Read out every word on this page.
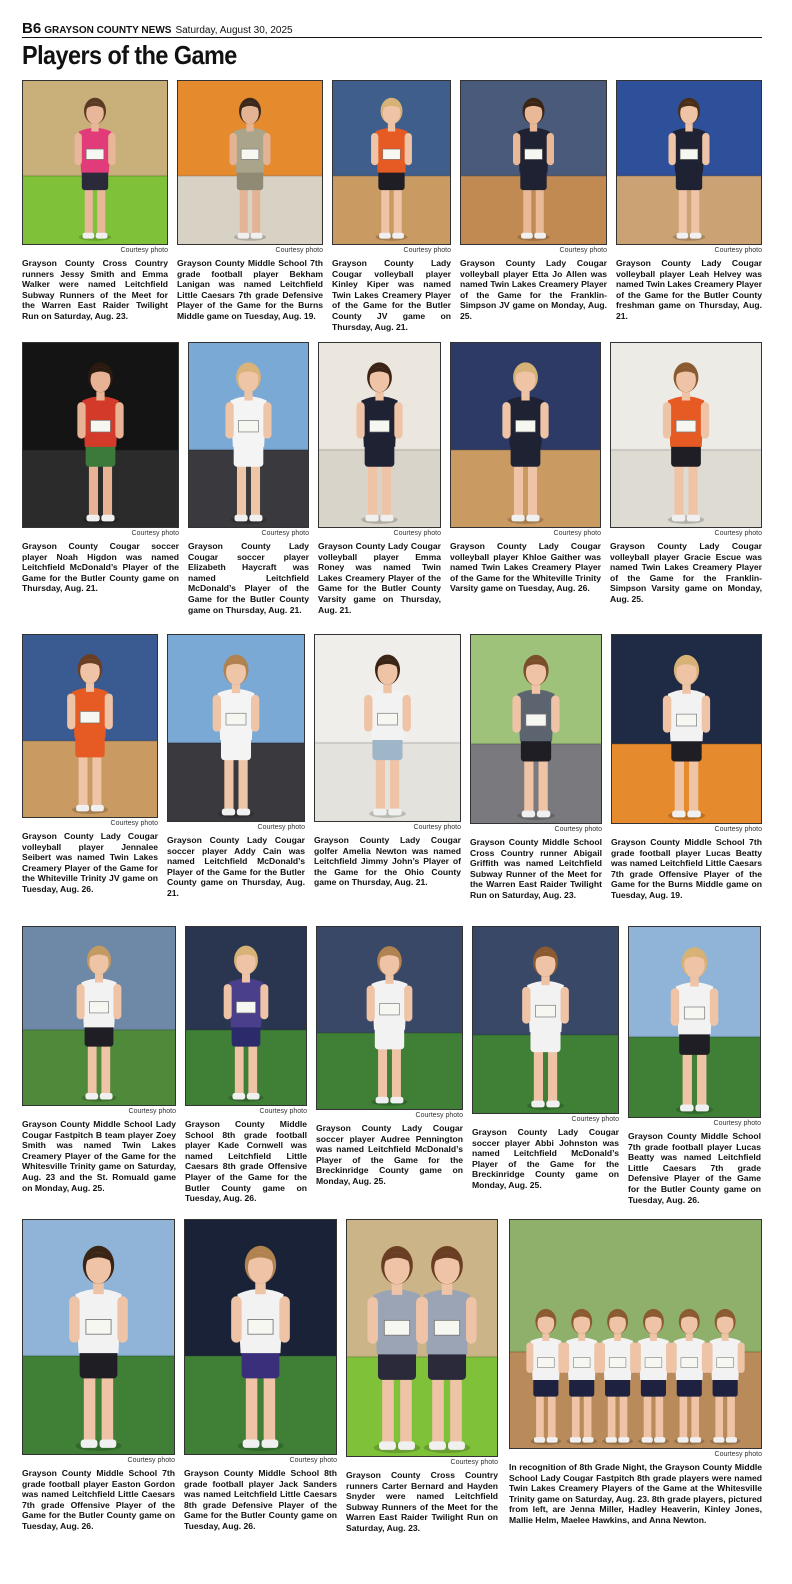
B6 GRAYSON COUNTY NEWS Saturday, August 30, 2025
Players of the Game
Courtesy photo
Grayson County Cross Country runners Jessy Smith and Emma Walker were named Leitchfield Subway Runners of the Meet for the Warren East Raider Twilight Run on Saturday, Aug. 23.
Courtesy photo
Grayson County Middle School 7th grade football player Bekham Lanigan was named Leitchfield Little Caesars 7th grade Defensive Player of the Game for the Burns Middle game on Tuesday, Aug. 19.
Courtesy photo
Grayson County Lady Cougar volleyball player Kinley Kiper was named Twin Lakes Creamery Player of the Game for the Butler County JV game on Thursday, Aug. 21.
Courtesy photo
Grayson County Lady Cougar volleyball player Etta Jo Allen was named Twin Lakes Creamery Player of the Game for the Franklin-Simpson JV game on Monday, Aug. 25.
Courtesy photo
Grayson County Lady Cougar volleyball player Leah Helvey was named Twin Lakes Creamery Player of the Game for the Butler County freshman game on Thursday, Aug. 21.
Courtesy photo
Grayson County Cougar soccer player Noah Higdon was named Leitchfield McDonald’s Player of the Game for the Butler County game on Thursday, Aug. 21.
Courtesy photo
Grayson County Lady Cougar soccer player Elizabeth Haycraft was named Leitchfield McDonald’s Player of the Game for the Butler County game on Thursday, Aug. 21.
Courtesy photo
Grayson County Lady Cougar volleyball player Emma Roney was named Twin Lakes Creamery Player of the Game for the Butler County Varsity game on Thursday, Aug. 21.
Courtesy photo
Grayson County Lady Cougar volleyball player Khloe Gaither was named Twin Lakes Creamery Player of the Game for the Whiteville Trinity Varsity game on Tuesday, Aug. 26.
Courtesy photo
Grayson County Lady Cougar volleyball player Gracie Escue was named Twin Lakes Creamery Player of the Game for the Franklin-Simpson Varsity game on Monday, Aug. 25.
Courtesy photo
Grayson County Lady Cougar volleyball player Jennalee Seibert was named Twin Lakes Creamery Player of the Game for the Whiteville Trinity JV game on Tuesday, Aug. 26.
Courtesy photo
Grayson County Lady Cougar soccer player Addy Cain was named Leitchfield McDonald’s Player of the Game for the Butler County game on Thursday, Aug. 21.
Courtesy photo
Grayson County Lady Cougar golfer Amelia Newton was named Leitchfield Jimmy John’s Player of the Game for the Ohio County game on Thursday, Aug. 21.
Courtesy photo
Grayson County Middle School Cross Country runner Abigail Griffith was named Leitchfield Subway Runner of the Meet for the Warren East Raider Twilight Run on Saturday, Aug. 23.
Courtesy photo
Grayson County Middle School 7th grade football player Lucas Beatty was named Leitchfield Little Caesars 7th grade Offensive Player of the Game for the Burns Middle game on Tuesday, Aug. 19.
Courtesy photo
Grayson County Middle School Lady Cougar Fastpitch B team player Zoey Smith was named Twin Lakes Creamery Player of the Game for the Whitesville Trinity game on Saturday, Aug. 23 and the St. Romuald game on Monday, Aug. 25.
Courtesy photo
Grayson County Middle School 8th grade football player Kade Cornwell was named Leitchfield Little Caesars 8th grade Offensive Player of the Game for the Butler County game on Tuesday, Aug. 26.
Courtesy photo
Grayson County Lady Cougar soccer player Audree Pennington was named Leitchfield McDonald’s Player of the Game for the Breckinridge County game on Monday, Aug. 25.
Courtesy photo
Grayson County Lady Cougar soccer player Abbi Johnston was named Leitchfield McDonald’s Player of the Game for the Breckinridge County game on Monday, Aug. 25.
Courtesy photo
Grayson County Middle School 7th grade football player Lucas Beatty was named Leitchfield Little Caesars 7th grade Defensive Player of the Game for the Butler County game on Tuesday, Aug. 26.
Courtesy photo
Grayson County Middle School 7th grade football player Easton Gordon was named Leitchfield Little Caesars 7th grade Offensive Player of the Game for the Butler County game on Tuesday, Aug. 26.
Courtesy photo
Grayson County Middle School 8th grade football player Jack Sanders was named Leitchfield Little Caesars 8th grade Defensive Player of the Game for the Butler County game on Tuesday, Aug. 26.
Courtesy photo
Grayson County Cross Country runners Carter Bernard and Hayden Snyder were named Leitchfield Subway Runners of the Meet for the Warren East Raider Twilight Run on Saturday, Aug. 23.
Courtesy photo
In recognition of 8th Grade Night, the Grayson County Middle School Lady Cougar Fastpitch 8th grade players were named Twin Lakes Creamery Players of the Game at the Whitesville Trinity game on Saturday, Aug. 23. 8th grade players, pictured from left, are Jenna Miller, Hadley Heaverin, Kinley Jones, Mallie Helm, Maelee Hawkins, and Anna Newton.
